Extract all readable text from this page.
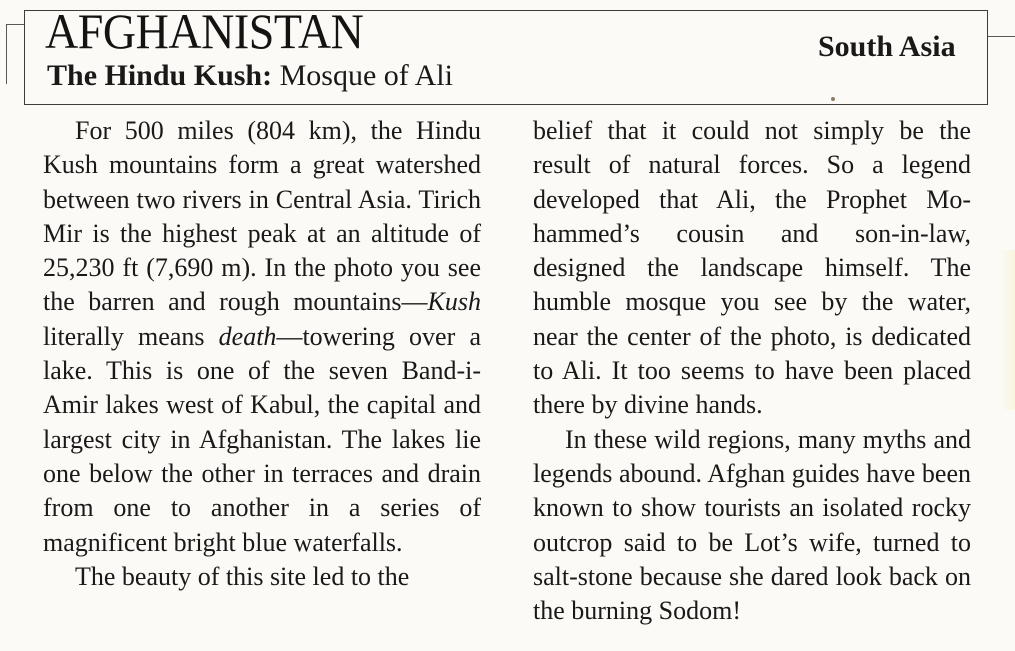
AFGHANISTAN
The Hindu Kush: Mosque of Ali
South Asia

For 500 miles (804 km), the Hindu Kush mountains form a great watershed between two rivers in Central Asia. Tirich Mir is the highest peak at an altitude of 25,230 ft (7,690 m). In the photo you see the barren and rough mountains—Kush literally means death—towering over a lake. This is one of the seven Band-i-Amir lakes west of Kabul, the capital and largest city in Afghanistan. The lakes lie one below the other in terraces and drain from one to another in a series of magnificent bright blue waterfalls.

The beauty of this site led to the

belief that it could not simply be the result of natural forces. So a legend developed that Ali, the Prophet Mohammed’s cousin and son-in-law, designed the landscape himself. The humble mosque you see by the water, near the center of the photo, is dedicated to Ali. It too seems to have been placed there by divine hands.

In these wild regions, many myths and legends abound. Afghan guides have been known to show tourists an isolated rocky outcrop said to be Lot’s wife, turned to salt-stone because she dared look back on the burning Sodom!
